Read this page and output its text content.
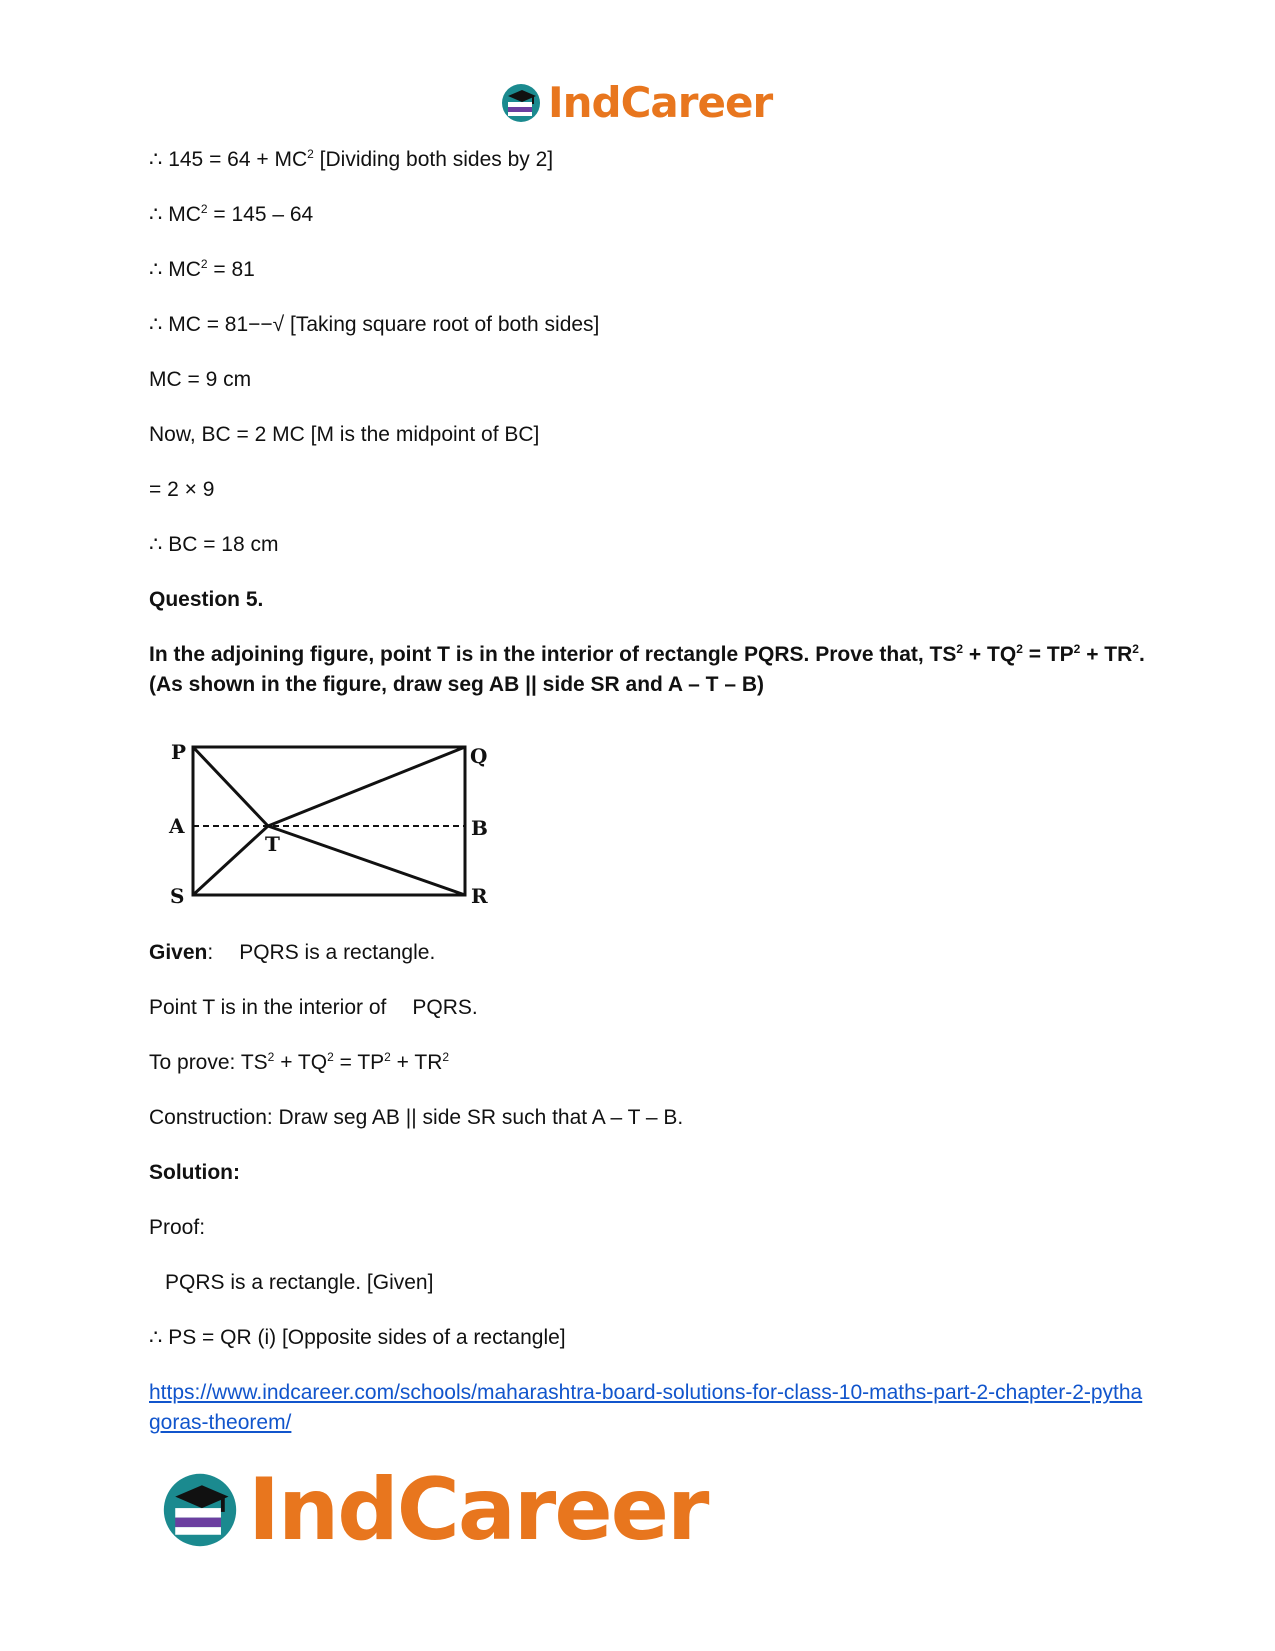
IndCareer
∴ $145 = 64 + MC^2$ [Dividing both sides by 2]
∴ $MC^2 = 145 - 64$
∴ $MC^2 = 81$
∴ MC = 81−−√ [Taking square root of both sides]
MC = 9 cm
Now, BC = 2 MC [M is the midpoint of BC]
= 2 × 9
∴ BC = 18 cm
Question 5.
In the adjoining figure, point T is in the interior of rectangle PQRS. Prove that, $TS^2 + TQ^2 = TP^2 + TR^2$. (As shown in the figure, draw seg AB || side SR and A – T – B)
P	Q
A	B
T
S	R
Given: PQRS is a rectangle.
Point T is in the interior of PQRS.
To prove: $TS^2 + TQ^2 = TP^2 + TR^2$
Construction: Draw seg AB || side SR such that A – T – B.
Solution:
Proof:
PQRS is a rectangle. [Given]
∴ PS = QR (i) [Opposite sides of a rectangle]
https://www.indcareer.com/schools/maharashtra-board-solutions-for-class-10-maths-part-2-chapter-2-pythagoras-theorem/
IndCareer
